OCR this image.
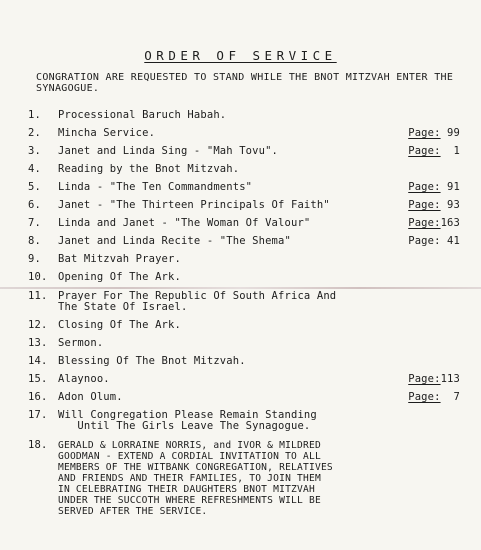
ORDER OF SERVICE
CONGRATION ARE REQUESTED TO STAND WHILE THE BNOT MITZVAH ENTER THE SYNAGOGUE.
1.	Processional Baruch Habah.
2.	Mincha Service.	Page: 99
3.	Janet and Linda Sing - "Mah Tovu".	Page:  1
4.	Reading by the Bnot Mitzvah.
5.	Linda - "The Ten Commandments"	Page: 91
6.	Janet - "The Thirteen Principals Of Faith"	Page: 93
7.	Linda and Janet - "The Woman Of Valour"	Page:163
8.	Janet and Linda Recite - "The Shema"	Page: 41
9.	Bat Mitzvah Prayer.
10.	Opening Of The Ark.
11.	Prayer For The Republic Of South Africa And
The State Of Israel.
12.	Closing Of The Ark.
13.	Sermon.
14.	Blessing Of The Bnot Mitzvah.
15.	Alaynoo.	Page:113
16.	Adon Olum.	Page:  7
17.	Will Congregation Please Remain Standing
Until The Girls Leave The Synagogue.
18.	GERALD & LORRAINE NORRIS, and IVOR & MILDRED
GOODMAN - EXTEND A CORDIAL INVITATION TO ALL
MEMBERS OF THE WITBANK CONGREGATION, RELATIVES
AND FRIENDS AND THEIR FAMILIES, TO JOIN THEM
IN CELEBRATING THEIR DAUGHTERS BNOT MITZVAH
UNDER THE SUCCOTH WHERE REFRESHMENTS WILL BE
SERVED AFTER THE SERVICE.
